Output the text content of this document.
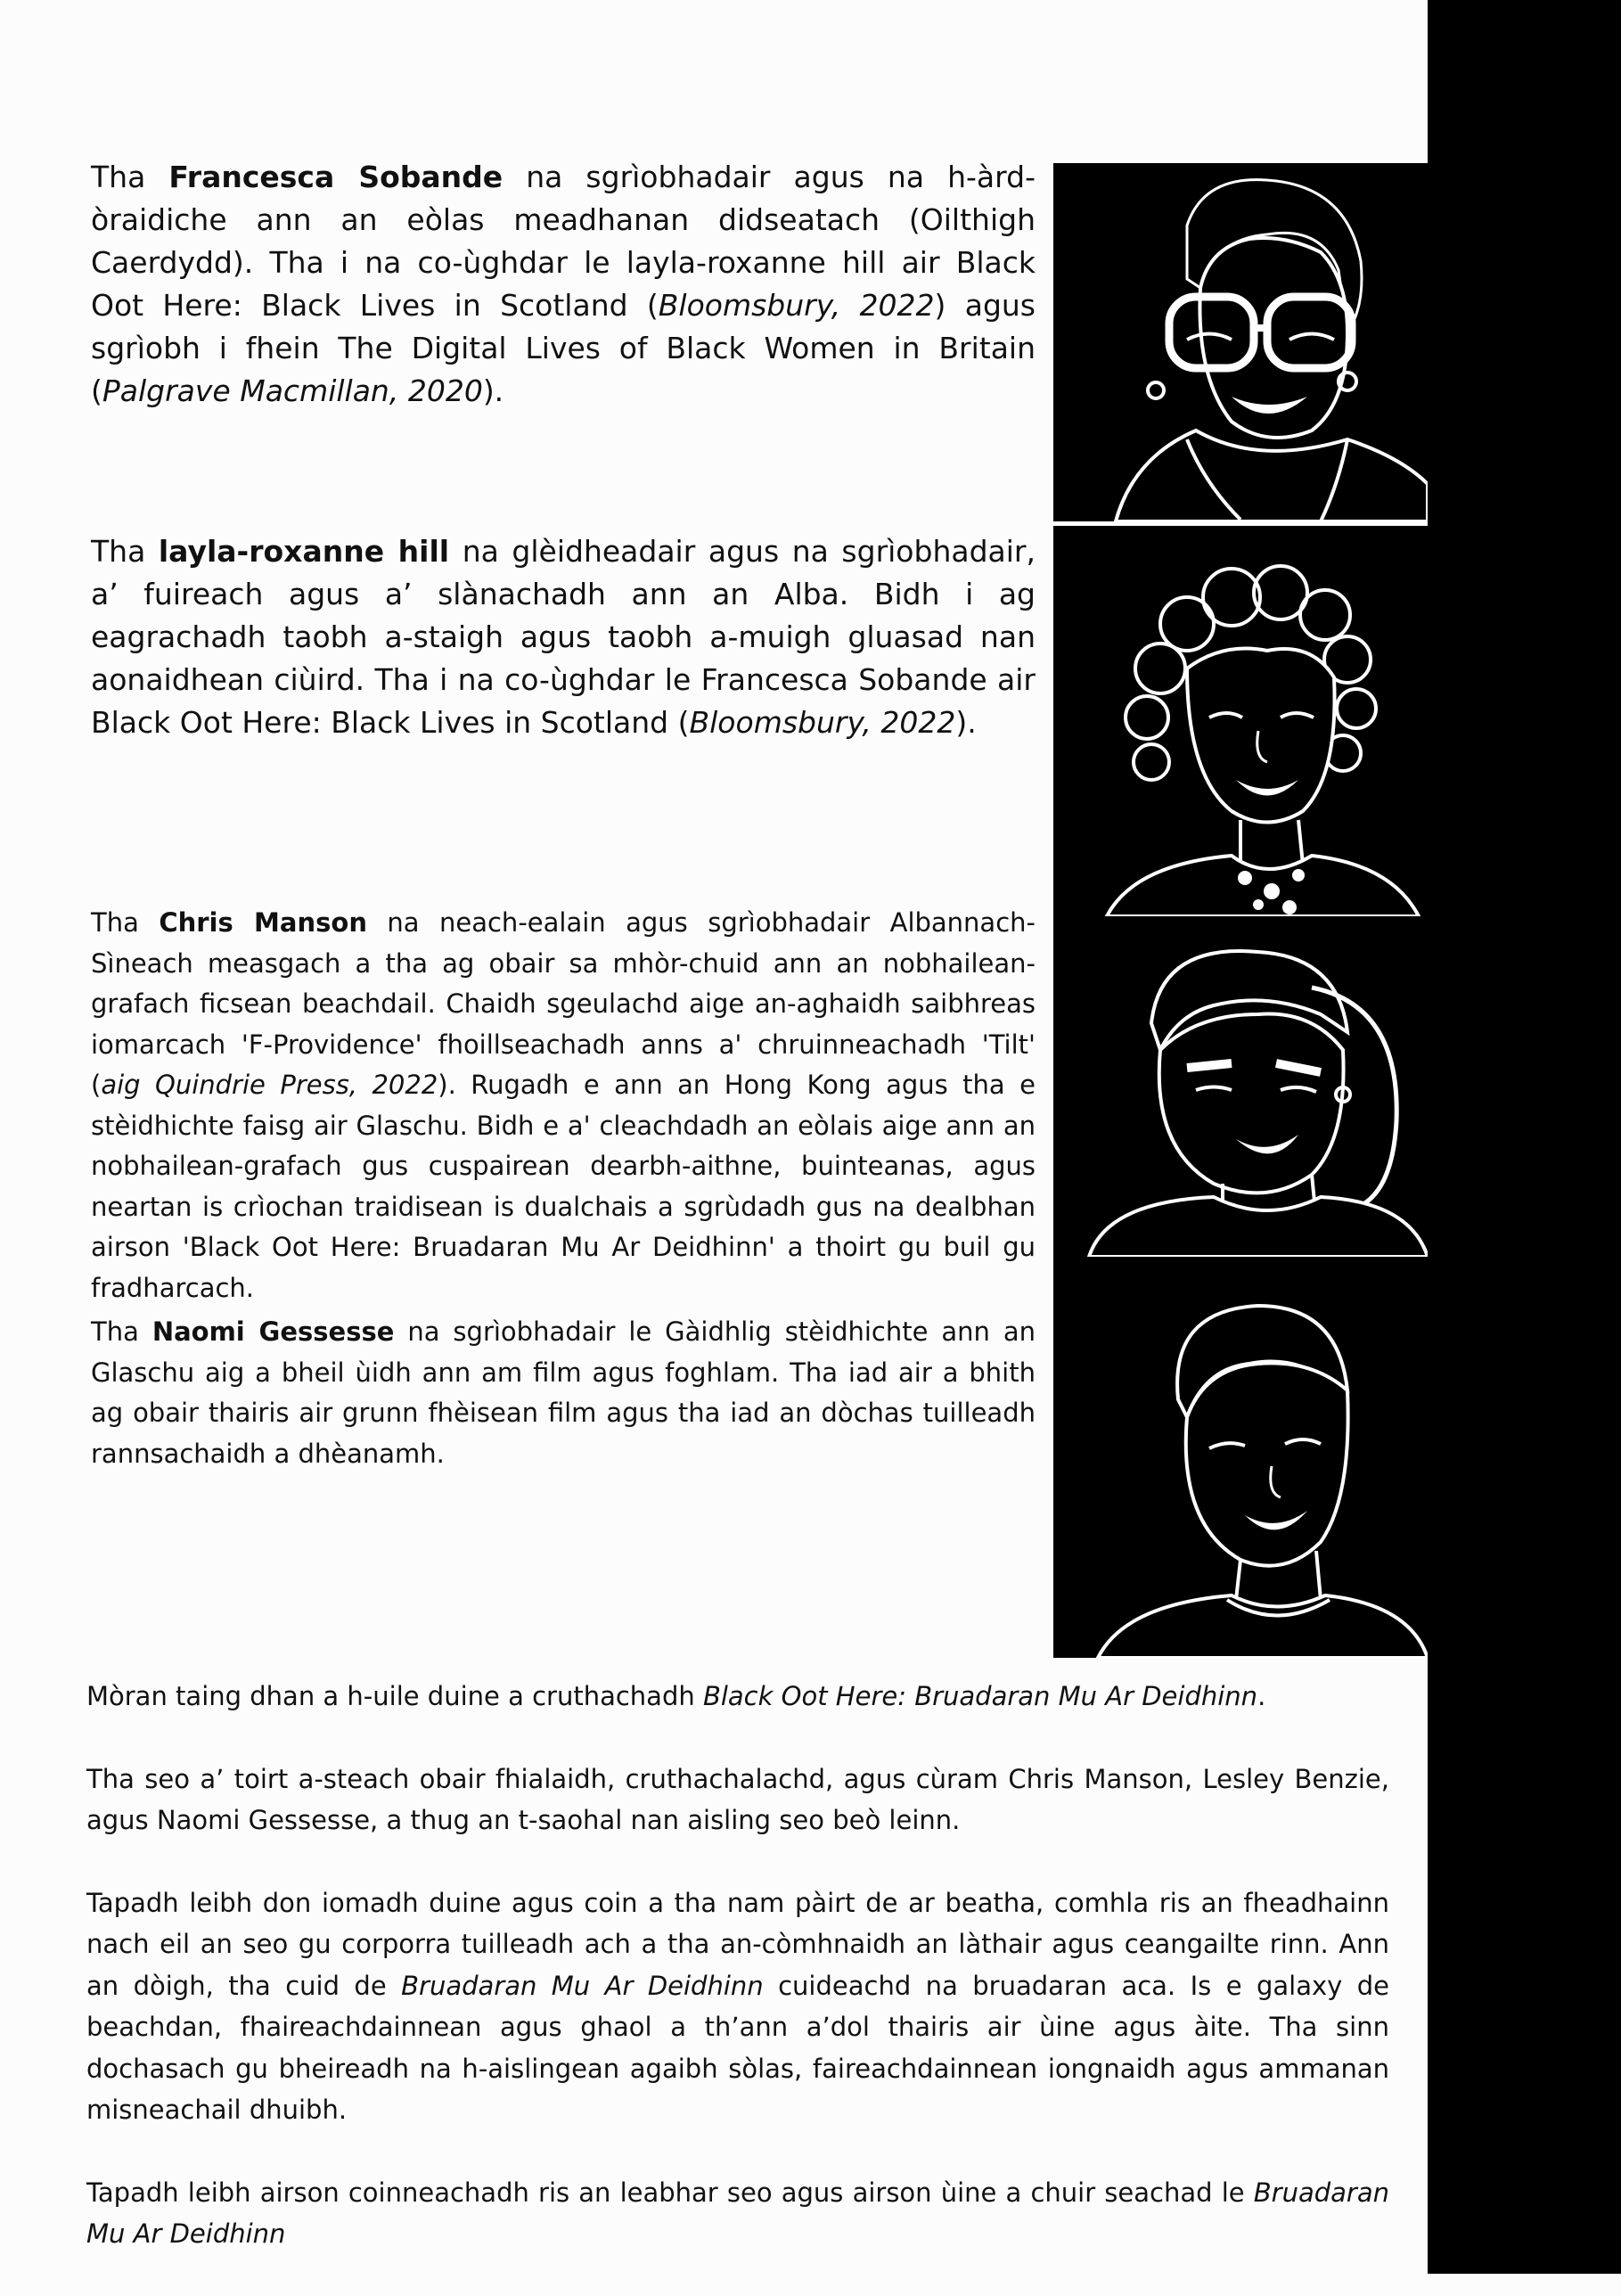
Tha Francesca Sobande na sgrìobhadair agus na h-àrd-òraidiche ann an eòlas meadhanan didseatach (Oilthigh Caerdydd). Tha i na co-ùghdar le layla-roxanne hill air Black Oot Here: Black Lives in Scotland (Bloomsbury, 2022) agus sgrìobh i fhein The Digital Lives of Black Women in Britain (Palgrave Macmillan, 2020).

Tha layla-roxanne hill na glèidheadair agus na sgrìobhadair, a’ fuireach agus a’ slànachadh ann an Alba. Bidh i ag eagrachadh taobh a-staigh agus taobh a-muigh gluasad nan aonaidhean ciùird. Tha i na co-ùghdar le Francesca Sobande air Black Oot Here: Black Lives in Scotland (Bloomsbury, 2022).

Tha Chris Manson na neach-ealain agus sgrìobhadair Albannach-Sìneach measgach a tha ag obair sa mhòr-chuid ann an nobhailean-grafach ficsean beachdail. Chaidh sgeulachd aige an-aghaidh saibhreas iomarcach 'F-Providence' fhoillseachadh anns a' chruinneachadh 'Tilt' (aig Quindrie Press, 2022). Rugadh e ann an Hong Kong agus tha e stèidhichte faisg air Glaschu. Bidh e a' cleachdadh an eòlais aige ann an nobhailean-grafach gus cuspairean dearbh-aithne, buinteanas, agus neartan is crìochan traidisean is dualchais a sgrùdadh gus na dealbhan airson 'Black Oot Here: Bruadaran Mu Ar Deidhinn' a thoirt gu buil gu fradharcach.

Tha Naomi Gessesse na sgrìobhadair le Gàidhlig stèidhichte ann an Glaschu aig a bheil ùidh ann am film agus foghlam. Tha iad air a bhith ag obair thairis air grunn fhèisean film agus tha iad an dòchas tuilleadh rannsachaidh a dhèanamh.

Mòran taing dhan a h-uile duine a cruthachadh Black Oot Here: Bruadaran Mu Ar Deidhinn.

Tha seo a’ toirt a-steach obair fhialaidh, cruthachalachd, agus cùram Chris Manson, Lesley Benzie, agus Naomi Gessesse, a thug an t-saohal nan aisling seo beò leinn.

Tapadh leibh don iomadh duine agus coin a tha nam pàirt de ar beatha, comhla ris an fheadhainn nach eil an seo gu corporra tuilleadh ach a tha an-còmhnaidh an làthair agus ceangailte rinn. Ann an dòigh, tha cuid de Bruadaran Mu Ar Deidhinn cuideachd na bruadaran aca. Is e galaxy de beachdan, fhaireachdainnean agus ghaol a th’ann a’dol thairis air ùine agus àite. Tha sinn dochasach gu bheireadh na h-aislingean agaibh sòlas, faireachdainnean iongnaidh agus ammanan misneachail dhuibh.

Tapadh leibh airson coinneachadh ris an leabhar seo agus airson ùine a chuir seachad le Bruadaran Mu Ar Deidhinn
